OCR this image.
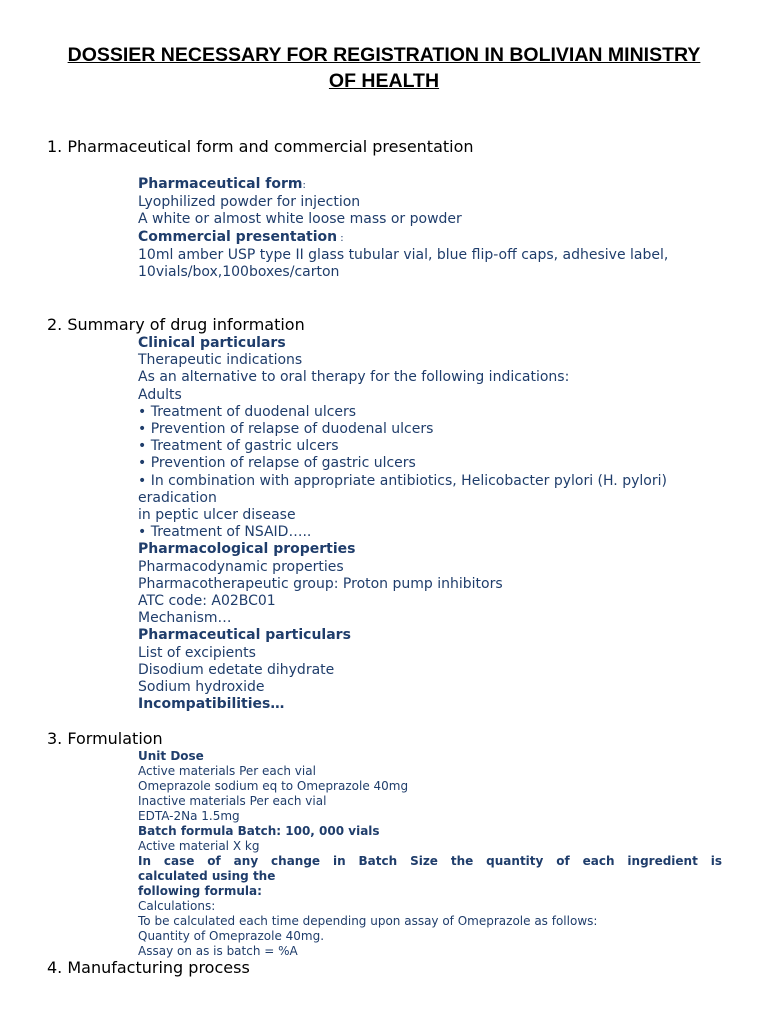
DOSSIER NECESSARY FOR REGISTRATION IN BOLIVIAN MINISTRY
OF HEALTH
1. Pharmaceutical form and commercial presentation
Pharmaceutical form:
Lyophilized powder for injection
A white or almost white loose mass or powder
Commercial presentation :
10ml amber USP type II glass tubular vial, blue flip-off caps, adhesive label,
10vials/box,100boxes/carton
2. Summary of drug information
Clinical particulars
Therapeutic indications
As an alternative to oral therapy for the following indications:
Adults
• Treatment of duodenal ulcers
• Prevention of relapse of duodenal ulcers
• Treatment of gastric ulcers
• Prevention of relapse of gastric ulcers
• In combination with appropriate antibiotics, Helicobacter pylori (H. pylori) eradication
in peptic ulcer disease
• Treatment of NSAID…..
Pharmacological properties
Pharmacodynamic properties
Pharmacotherapeutic group: Proton pump inhibitors
ATC code: A02BC01
Mechanism…
Pharmaceutical particulars
List of excipients
Disodium edetate dihydrate
Sodium hydroxide
Incompatibilities…
3. Formulation
Unit Dose
Active materials Per each vial
Omeprazole sodium eq to Omeprazole 40mg
Inactive materials Per each vial
EDTA-2Na 1.5mg
Batch formula Batch: 100, 000 vials
Active material X kg
In case of any change in Batch Size the quantity of each ingredient is
calculated using the
following formula:
Calculations:
To be calculated each time depending upon assay of Omeprazole as follows:
Quantity of Omeprazole 40mg.
Assay on as is batch = %A
4. Manufacturing process
